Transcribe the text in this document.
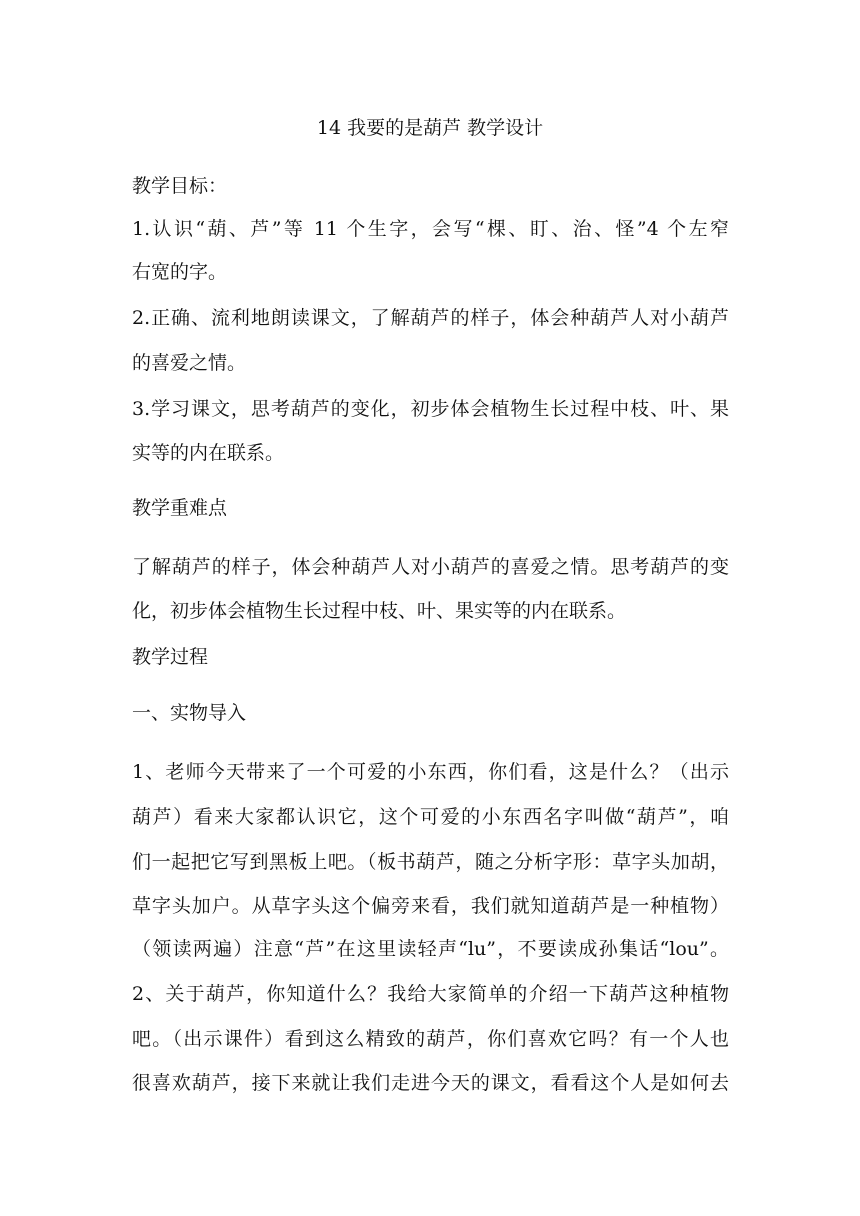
14 我要的是葫芦 教学设计
教学目标：
1.认识“葫、芦”等 11 个生字，会写“棵、盯、治、怪”4 个左窄
右宽的字。
2.正确、流利地朗读课文，了解葫芦的样子，体会种葫芦人对小葫芦
的喜爱之情。
3.学习课文，思考葫芦的变化，初步体会植物生长过程中枝、叶、果
实等的内在联系。
教学重难点
了解葫芦的样子，体会种葫芦人对小葫芦的喜爱之情。思考葫芦的变
化，初步体会植物生长过程中枝、叶、果实等的内在联系。
教学过程
一、实物导入
1、老师今天带来了一个可爱的小东西，你们看，这是什么？（出示
葫芦）看来大家都认识它，这个可爱的小东西名字叫做“葫芦”，咱
们一起把它写到黑板上吧。（板书葫芦，随之分析字形：草字头加胡，
草字头加户。从草字头这个偏旁来看，我们就知道葫芦是一种植物）
（领读两遍）注意“芦”在这里读轻声“lu”，不要读成孙集话“lou”。
2、关于葫芦，你知道什么？我给大家简单的介绍一下葫芦这种植物
吧。（出示课件）看到这么精致的葫芦，你们喜欢它吗？有一个人也
很喜欢葫芦，接下来就让我们走进今天的课文，看看这个人是如何去
